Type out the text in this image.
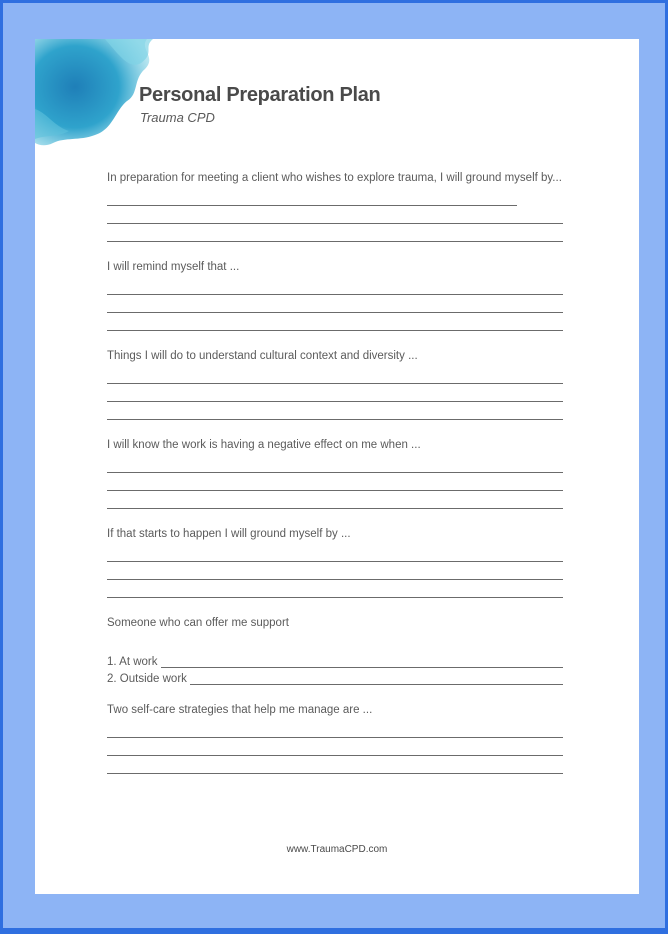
Personal Preparation Plan
Trauma CPD

In preparation for meeting a client who wishes to explore trauma, I will ground myself by...

I will remind myself that ...

Things I will do to understand cultural context and diversity ...

I will know the work is having a negative effect on me when ...

If that starts to happen I will ground myself by ...

Someone who can offer me support

1. At work
2. Outside work

Two self-care strategies that help me manage are ...

www.TraumaCPD.com
